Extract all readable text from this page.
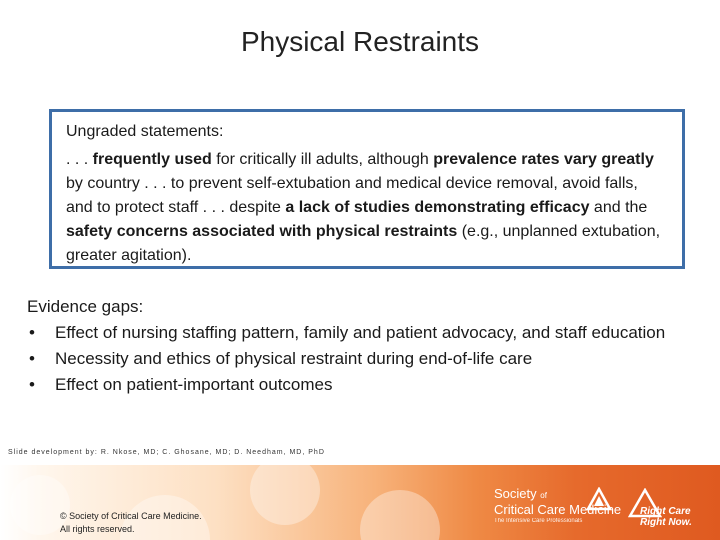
Physical Restraints
Ungraded statements:

. . . frequently used for critically ill adults, although prevalence rates vary greatly by country . . . to prevent self-extubation and medical device removal, avoid falls, and to protect staff . . . despite a lack of studies demonstrating efficacy and the safety concerns associated with physical restraints (e.g., unplanned extubation, greater agitation).

Evidence gaps:
• Effect of nursing staffing pattern, family and patient advocacy, and staff education
• Necessity and ethics of physical restraint during end-of-life care
• Effect on patient-important outcomes
Slide development by: R. Nkose, MD; C. Ghosane, MD; D. Needham, MD, PhD
© Society of Critical Care Medicine.
All rights reserved.
Society of
Critical Care Medicine
The Intensive Care Professionals
Right Care
Right Now.
